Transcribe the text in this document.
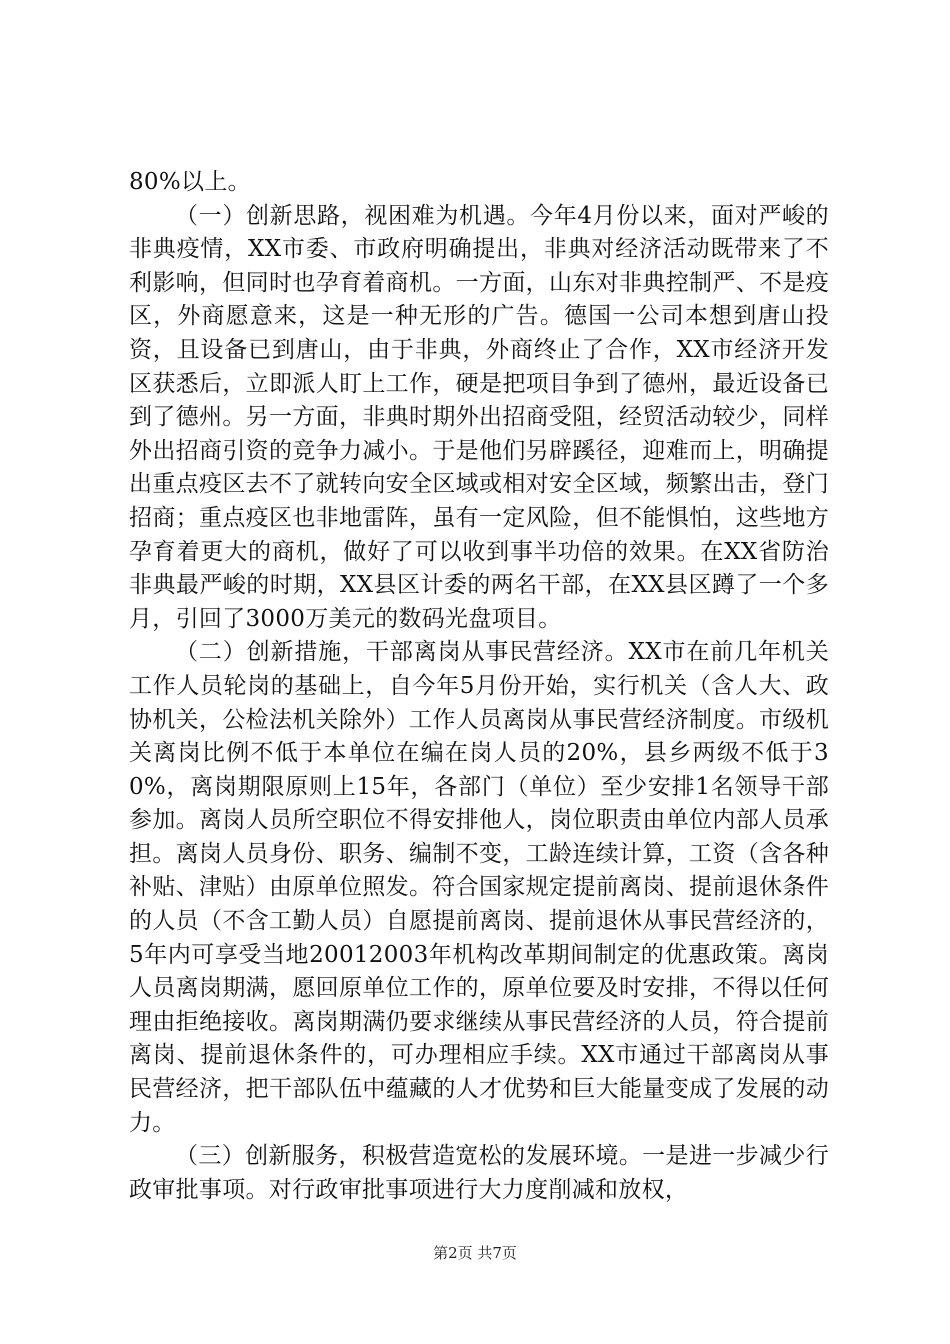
80%以上。

（一）创新思路，视困难为机遇。今年4月份以来，面对严峻的非典疫情，XX市委、市政府明确提出，非典对经济活动既带来了不利影响，但同时也孕育着商机。一方面，山东对非典控制严、不是疫区，外商愿意来，这是一种无形的广告。德国一公司本想到唐山投资，且设备已到唐山，由于非典，外商终止了合作，XX市经济开发区获悉后，立即派人盯上工作，硬是把项目争到了德州，最近设备已到了德州。另一方面，非典时期外出招商受阻，经贸活动较少，同样外出招商引资的竞争力减小。于是他们另辟蹊径，迎难而上，明确提出重点疫区去不了就转向安全区域或相对安全区域，频繁出击，登门招商；重点疫区也非地雷阵，虽有一定风险，但不能惧怕，这些地方孕育着更大的商机，做好了可以收到事半功倍的效果。在XX省防治非典最严峻的时期，XX县区计委的两名干部，在XX县区蹲了一个多月，引回了3000万美元的数码光盘项目。

（二）创新措施，干部离岗从事民营经济。XX市在前几年机关工作人员轮岗的基础上，自今年5月份开始，实行机关（含人大、政协机关，公检法机关除外）工作人员离岗从事民营经济制度。市级机关离岗比例不低于本单位在编在岗人员的20%，县乡两级不低于30%，离岗期限原则上15年，各部门（单位）至少安排1名领导干部参加。离岗人员所空职位不得安排他人，岗位职责由单位内部人员承担。离岗人员身份、职务、编制不变，工龄连续计算，工资（含各种补贴、津贴）由原单位照发。符合国家规定提前离岗、提前退休条件的人员（不含工勤人员）自愿提前离岗、提前退休从事民营经济的，5年内可享受当地20012003年机构改革期间制定的优惠政策。离岗人员离岗期满，愿回原单位工作的，原单位要及时安排，不得以任何理由拒绝接收。离岗期满仍要求继续从事民营经济的人员，符合提前离岗、提前退休条件的，可办理相应手续。XX市通过干部离岗从事民营经济，把干部队伍中蕴藏的人才优势和巨大能量变成了发展的动力。

（三）创新服务，积极营造宽松的发展环境。一是进一步减少行政审批事项。对行政审批事项进行大力度削减和放权，

第2页 共7页
